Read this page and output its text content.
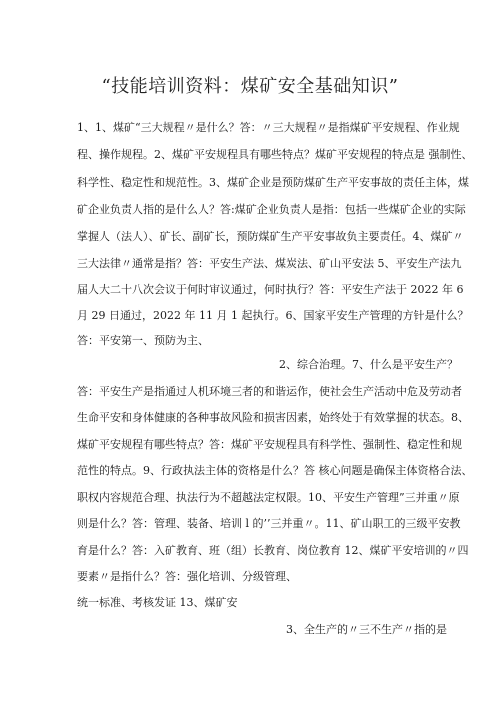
“技能培训资料：煤矿安全基础知识”
1、1、煤矿“三大规程〃是什么？答：〃三大规程〃是指煤矿平安规程、作业规
程、操作规程。2、煤矿平安规程具有哪些特点？煤矿平安规程的特点是 强制性、
科学性、稳定性和规范性。3、煤矿企业是预防煤矿生产平安事故的责任主体，煤
矿企业负责人指的是什么人？答:煤矿企业负责人是指：包括一些煤矿企业的实际
掌握人（法人）、矿长、副矿长，预防煤矿生产平安事故负主要责任。4、煤矿〃
三大法律〃通常是指？答：平安生产法、煤炭法、矿山平安法 5、平安生产法九
届人大二十八次会议于何时审议通过，何时执行？答：平安生产法于 2022 年 6
月 29 日通过，2022 年 11 月 1 起执行。6、国家平安生产管理的方针是什么？
答：平安第一、预防为主、
2、综合治理。7、什么是平安生产？
答：平安生产是指通过人机环境三者的和谐运作，使社会生产活动中危及劳动者
生命平安和身体健康的各种事故风险和损害因素，始终处于有效掌握的状态。8、
煤矿平安规程有哪些特点？答：煤矿平安规程具有科学性、强制性、稳定性和规
范性的特点。9、行政执法主体的资格是什么？答 核心问题是确保主体资格合法、
职权内容规范合理、执法行为不超越法定权限。10、平安生产管理”三并重〃原
则是什么？答：管理、装备、培训 l 的’’三并重〃。11、矿山职工的三级平安教
育是什么？答：入矿教育、班（组）长教育、岗位教育 12、煤矿平安培训的〃四
要素〃是指什么？答：强化培训、分级管理、
统一标准、考核发证 13、煤矿安
3、全生产的〃三不生产〃指的是
